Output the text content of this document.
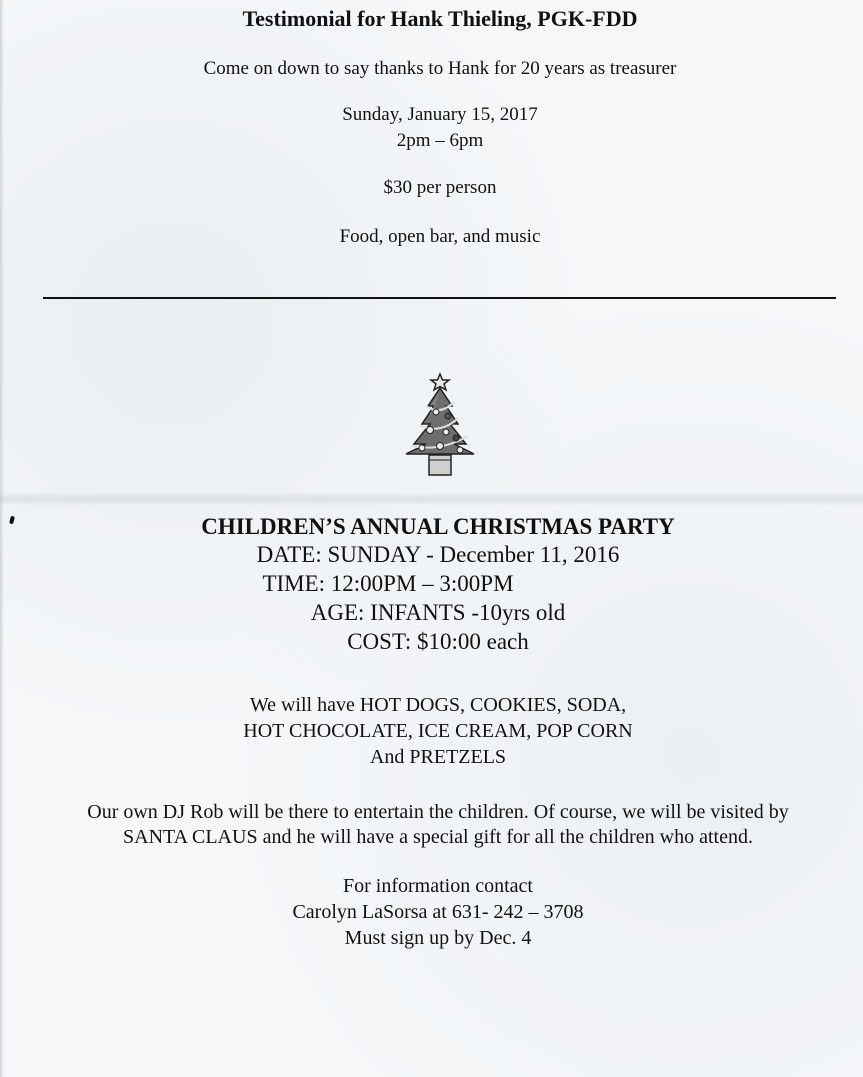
Testimonial for Hank Thieling, PGK-FDD
Come on down to say thanks to Hank for 20 years as treasurer
Sunday, January 15, 2017
2pm – 6pm
$30 per person
Food, open bar, and music
CHILDREN’S ANNUAL CHRISTMAS PARTY
DATE: SUNDAY - December 11, 2016
TIME: 12:00PM – 3:00PM
AGE: INFANTS -10yrs old
COST: $10:00 each
We will have HOT DOGS, COOKIES, SODA,
HOT CHOCOLATE, ICE CREAM, POP CORN
And PRETZELS
Our own DJ Rob will be there to entertain the children. Of course, we will be visited by
SANTA CLAUS and he will have a special gift for all the children who attend.
For information contact
Carolyn LaSorsa at 631- 242 – 3708
Must sign up by Dec. 4
